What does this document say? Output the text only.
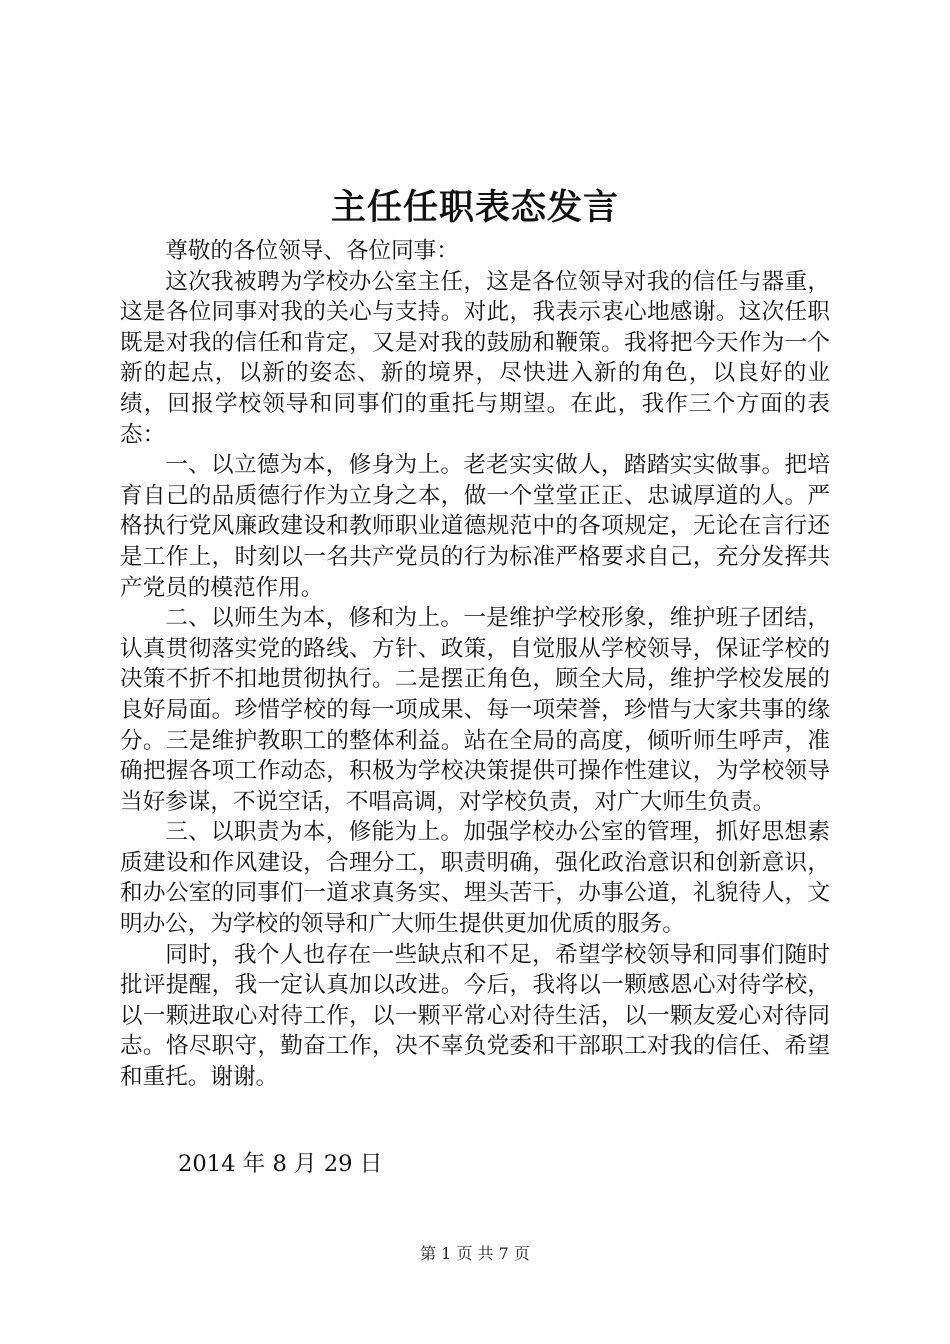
主任任职表态发言

尊敬的各位领导、各位同事：

这次我被聘为学校办公室主任，这是各位领导对我的信任与器重，这是各位同事对我的关心与支持。对此，我表示衷心地感谢。这次任职既是对我的信任和肯定，又是对我的鼓励和鞭策。我将把今天作为一个新的起点，以新的姿态、新的境界，尽快进入新的角色，以良好的业绩，回报学校领导和同事们的重托与期望。在此，我作三个方面的表态：

一、以立德为本，修身为上。老老实实做人，踏踏实实做事。把培育自己的品质德行作为立身之本，做一个堂堂正正、忠诚厚道的人。严格执行党风廉政建设和教师职业道德规范中的各项规定，无论在言行还是工作上，时刻以一名共产党员的行为标准严格要求自己，充分发挥共产党员的模范作用。

二、以师生为本，修和为上。一是维护学校形象，维护班子团结，认真贯彻落实党的路线、方针、政策，自觉服从学校领导，保证学校的决策不折不扣地贯彻执行。二是摆正角色，顾全大局，维护学校发展的良好局面。珍惜学校的每一项成果、每一项荣誉，珍惜与大家共事的缘分。三是维护教职工的整体利益。站在全局的高度，倾听师生呼声，准确把握各项工作动态，积极为学校决策提供可操作性建议，为学校领导当好参谋，不说空话，不唱高调，对学校负责，对广大师生负责。

三、以职责为本，修能为上。加强学校办公室的管理，抓好思想素质建设和作风建设，合理分工，职责明确，强化政治意识和创新意识，和办公室的同事们一道求真务实、埋头苦干，办事公道，礼貌待人，文明办公，为学校的领导和广大师生提供更加优质的服务。

同时，我个人也存在一些缺点和不足，希望学校领导和同事们随时批评提醒，我一定认真加以改进。今后，我将以一颗感恩心对待学校，以一颗进取心对待工作，以一颗平常心对待生活，以一颗友爱心对待同志。恪尽职守，勤奋工作，决不辜负党委和干部职工对我的信任、希望和重托。谢谢。

2014 年 8 月 29 日
第 1 页 共 7 页
